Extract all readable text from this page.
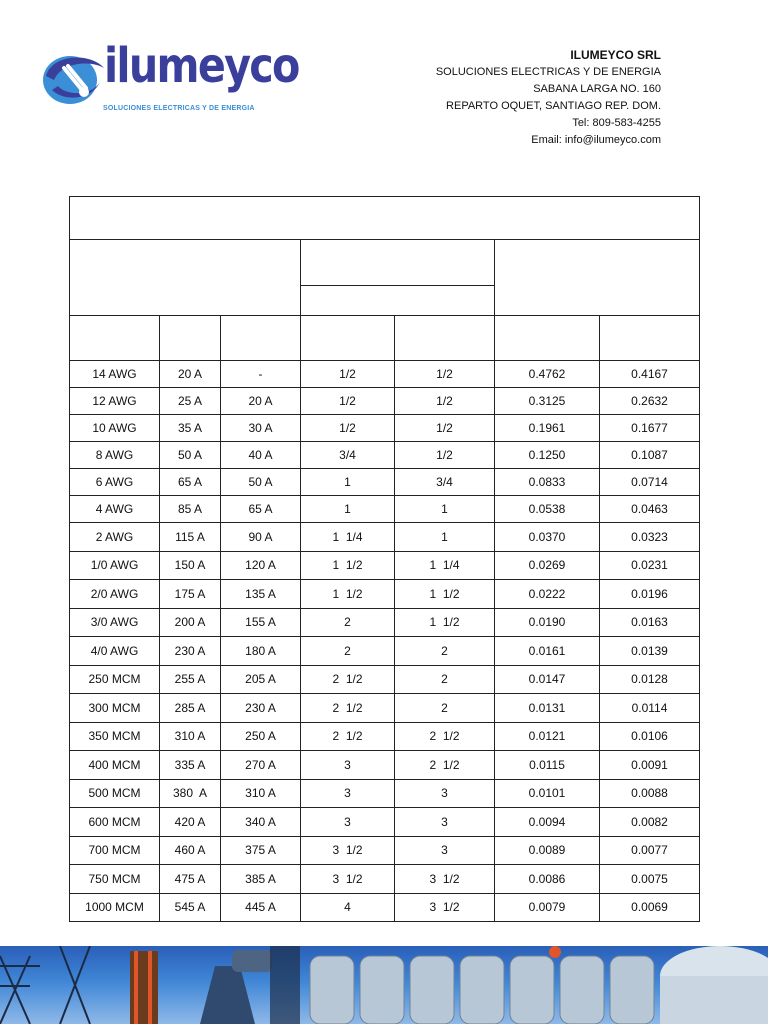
ilumeyco
SOLUCIONES ELECTRICAS Y DE ENERGIA
ILUMEYCO SRL
SOLUCIONES ELECTRICAS Y DE ENERGIA
SABANA LARGA NO. 160
REPARTO OQUET, SANTIAGO REP. DOM.
Tel: 809-583-4255
Email: info@ilumeyco.com

14 AWG	20 A	-	1/2	1/2	0.4762	0.4167
12 AWG	25 A	20 A	1/2	1/2	0.3125	0.2632
10 AWG	35 A	30 A	1/2	1/2	0.1961	0.1677
8 AWG	50 A	40 A	3/4	1/2	0.1250	0.1087
6 AWG	65 A	50 A	1	3/4	0.0833	0.0714
4 AWG	85 A	65 A	1	1	0.0538	0.0463
2 AWG	115 A	90 A	1  1/4	1	0.0370	0.0323
1/0 AWG	150 A	120 A	1  1/2	1  1/4	0.0269	0.0231
2/0 AWG	175 A	135 A	1  1/2	1  1/2	0.0222	0.0196
3/0 AWG	200 A	155 A	2	1  1/2	0.0190	0.0163
4/0 AWG	230 A	180 A	2	2	0.0161	0.0139
250 MCM	255 A	205 A	2  1/2	2	0.0147	0.0128
300 MCM	285 A	230 A	2  1/2	2	0.0131	0.0114
350 MCM	310 A	250 A	2  1/2	2  1/2	0.0121	0.0106
400 MCM	335 A	270 A	3	2  1/2	0.0115	0.0091
500 MCM	380  A	310 A	3	3	0.0101	0.0088
600 MCM	420 A	340 A	3	3	0.0094	0.0082
700 MCM	460 A	375 A	3  1/2	3	0.0089	0.0077
750 MCM	475 A	385 A	3  1/2	3  1/2	0.0086	0.0075
1000 MCM	545 A	445 A	4	3  1/2	0.0079	0.0069
